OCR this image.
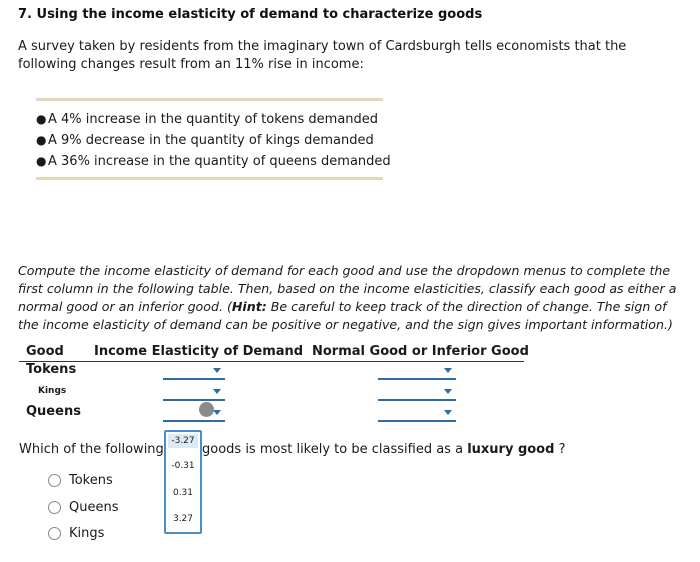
7. Using the income elasticity of demand to characterize goods
A survey taken by residents from the imaginary town of Cardsburgh tells economists that the following changes result from an 11% rise in income:
● A 4% increase in the quantity of tokens demanded
● A 9% decrease in the quantity of kings demanded
● A 36% increase in the quantity of queens demanded
Compute the income elasticity of demand for each good and use the dropdown menus to complete the first column in the following table. Then, based on the income elasticities, classify each good as either a normal good or an inferior good. (Hint: Be careful to keep track of the direction of change. The sign of the income elasticity of demand can be positive or negative, and the sign gives important information.)
Good Income Elasticity of Demand Normal Good or Inferior Good
Tokens
Kings
Queens
Which of the following	goods is most likely to be classified as a luxury good ?
-3.27
-0.31
0.31
3.27
Tokens
Queens
Kings
